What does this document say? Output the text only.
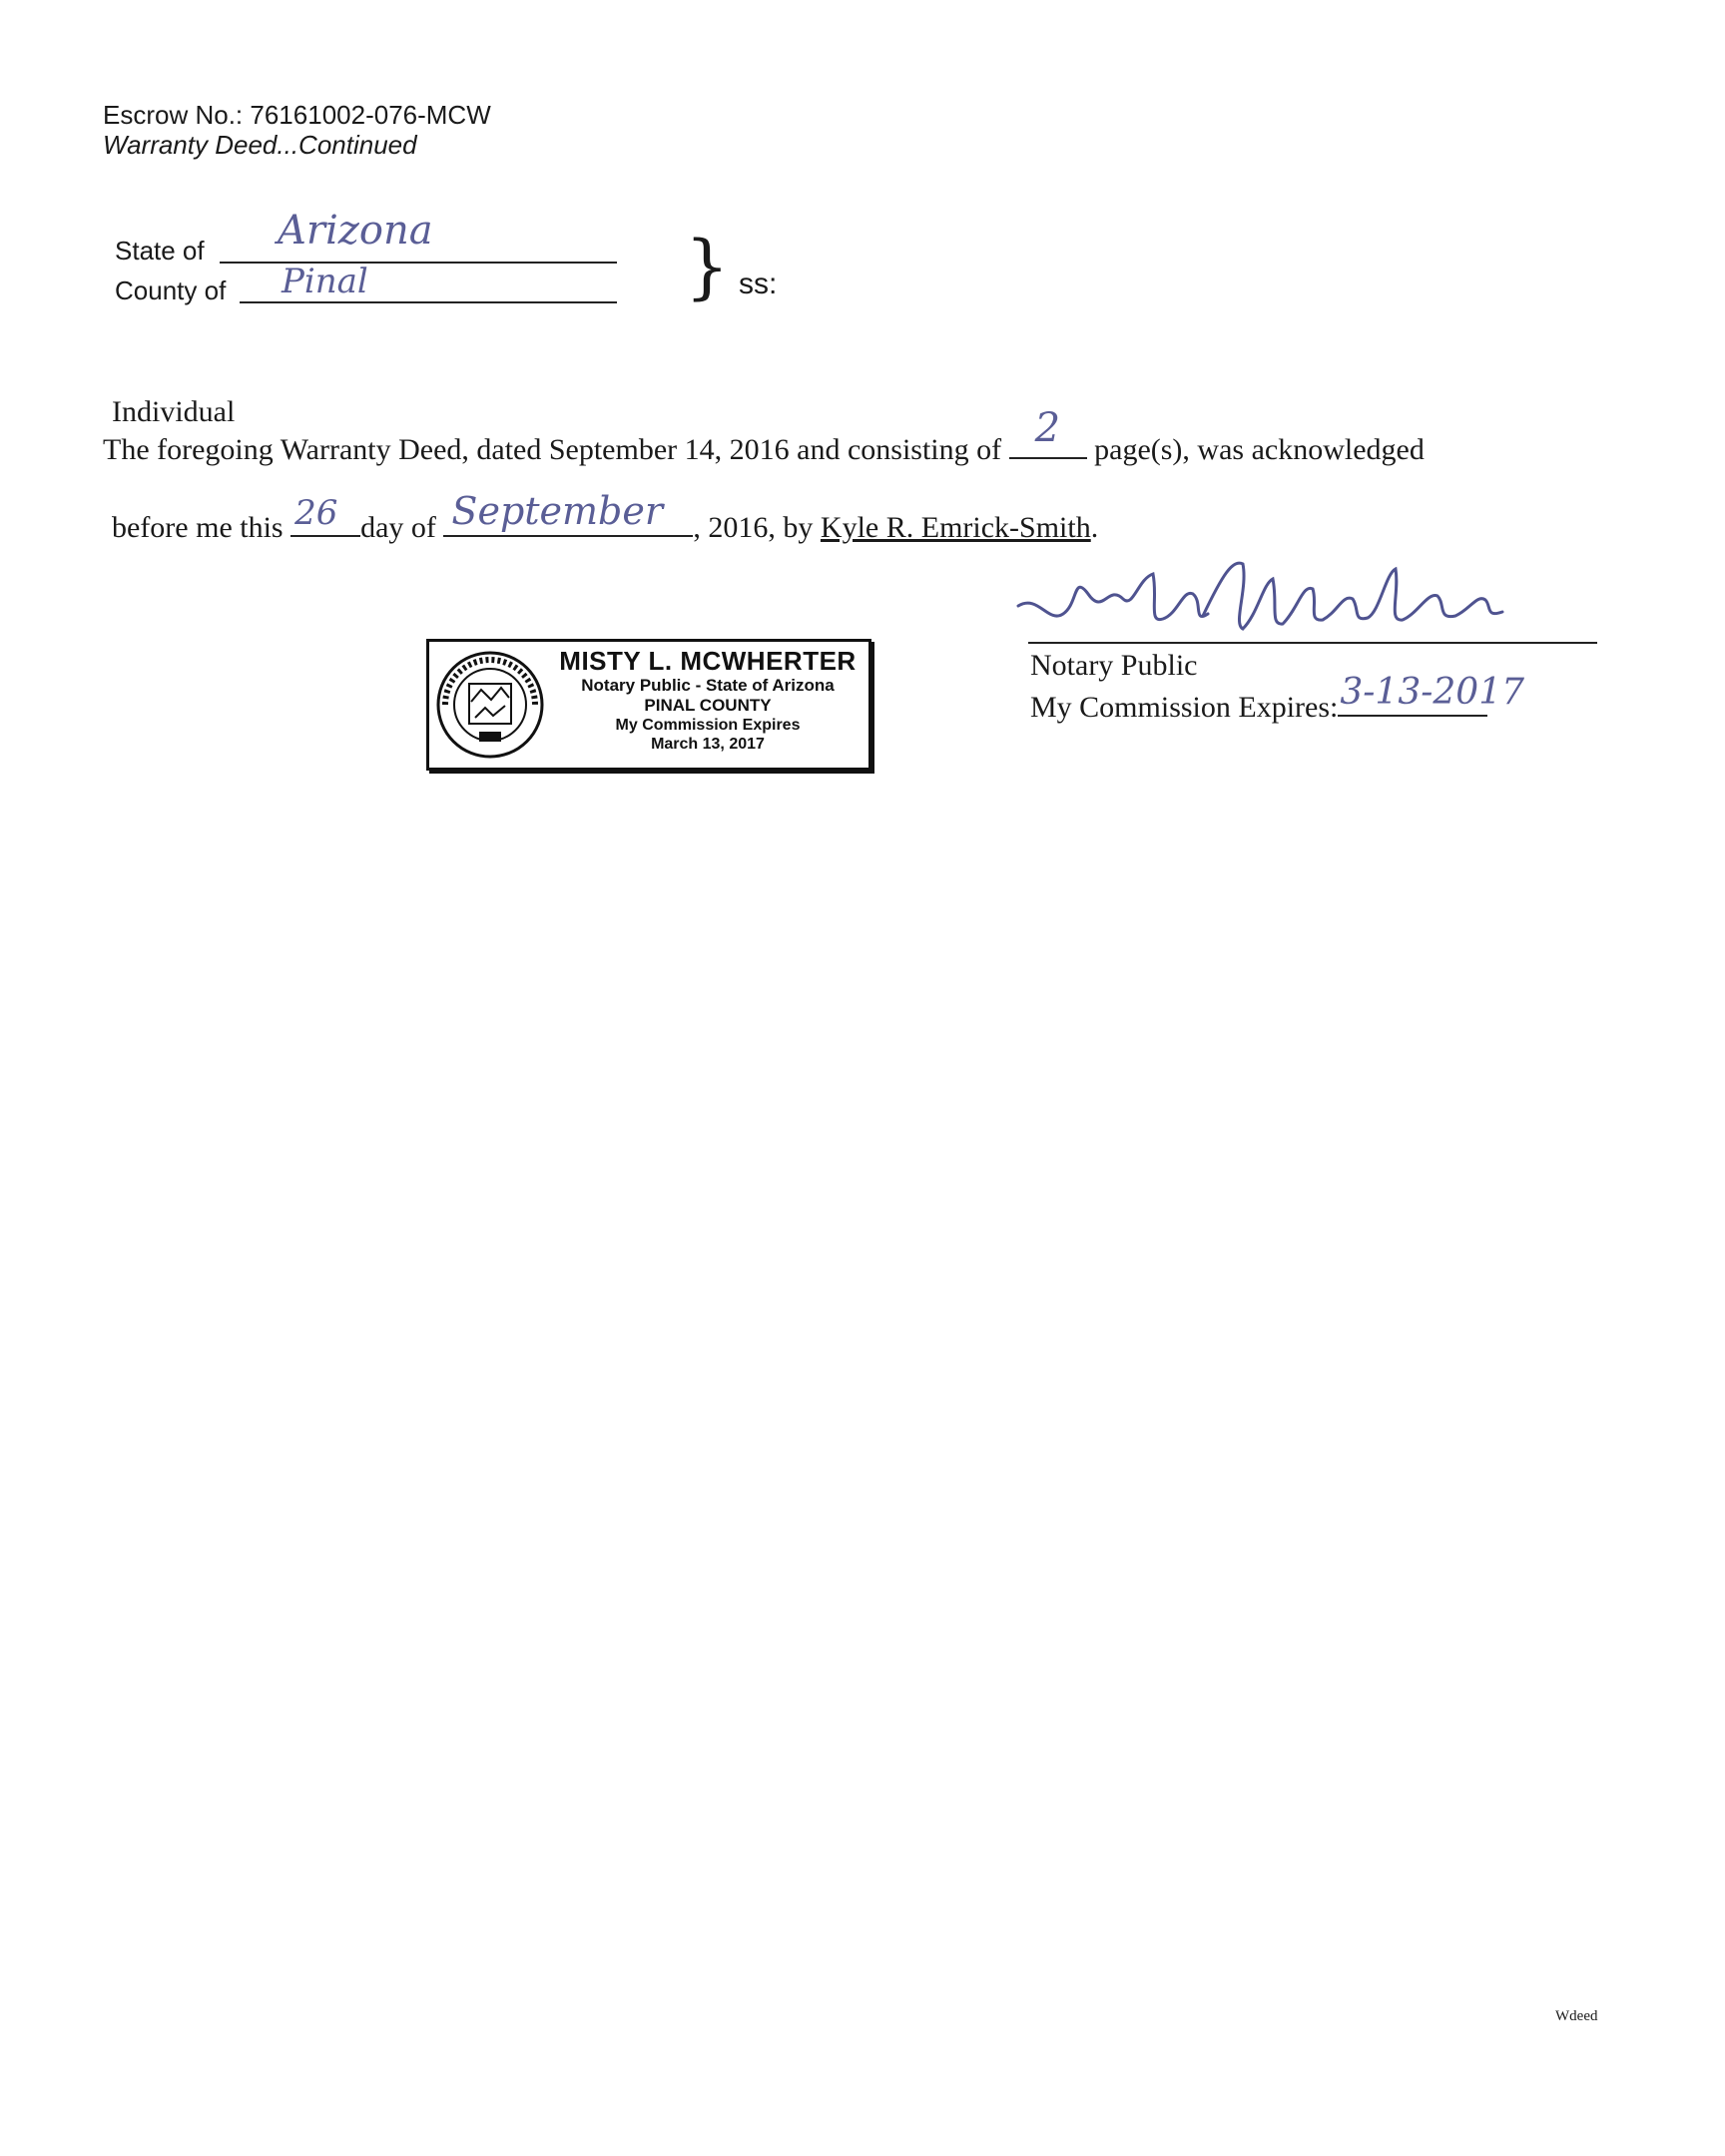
Escrow No.: 76161002-076-MCW
Warranty Deed...Continued
State of Arizona
County of Pinal	} ss:
Individual
The foregoing Warranty Deed, dated September 14, 2016 and consisting of 2 page(s), was acknowledged
before me this 26 day of September , 2016, by Kyle R. Emrick-Smith.
Notary Public
My Commission Expires: 3-13-2017
MISTY L. MCWHERTER
Notary Public - State of Arizona
PINAL COUNTY
My Commission Expires
March 13, 2017
Wdeed
